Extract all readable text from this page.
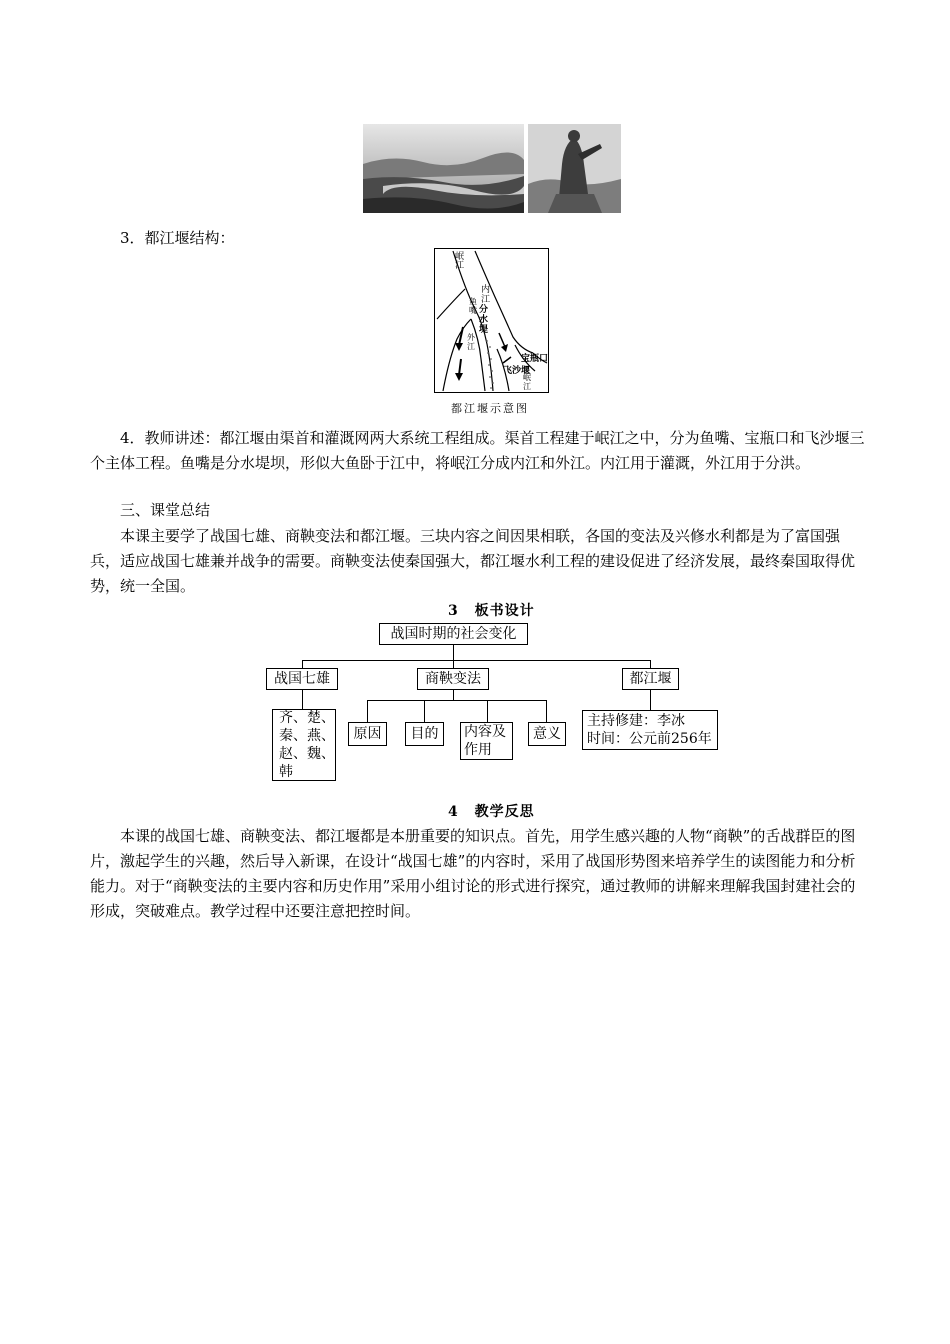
3．都江堰结构：
岷江
内江
分水堤
鱼嘴
外江
宝瓶口
飞沙堰
岷江
都江堰示意图

4．教师讲述：都江堰由渠首和灌溉网两大系统工程组成。渠首工程建于岷江之中，分为鱼嘴、宝瓶口和飞沙堰三个主体工程。鱼嘴是分水堤坝，形似大鱼卧于江中，将岷江分成内江和外江。内江用于灌溉，外江用于分洪。

三、课堂总结

本课主要学了战国七雄、商鞅变法和都江堰。三块内容之间因果相联，各国的变法及兴修水利都是为了富国强兵，适应战国七雄兼并战争的需要。商鞅变法使秦国强大，都江堰水利工程的建设促进了经济发展，最终秦国取得优势，统一全国。

3 板书设计
战国时期的社会变化
战国七雄	商鞅变法	都江堰
齐、楚、
秦、燕、
赵、魏、
韩
原因	目的	内容及
作用
意义
主持修建：李冰
时间：公元前256年
4 教学反思

本课的战国七雄、商鞅变法、都江堰都是本册重要的知识点。首先，用学生感兴趣的人物“商鞅”的舌战群臣的图片，激起学生的兴趣，然后导入新课，在设计“战国七雄”的内容时，采用了战国形势图来培养学生的读图能力和分析能力。对于“商鞅变法的主要内容和历史作用”采用小组讨论的形式进行探究，通过教师的讲解来理解我国封建社会的形成，突破难点。教学过程中还要注意把控时间。
